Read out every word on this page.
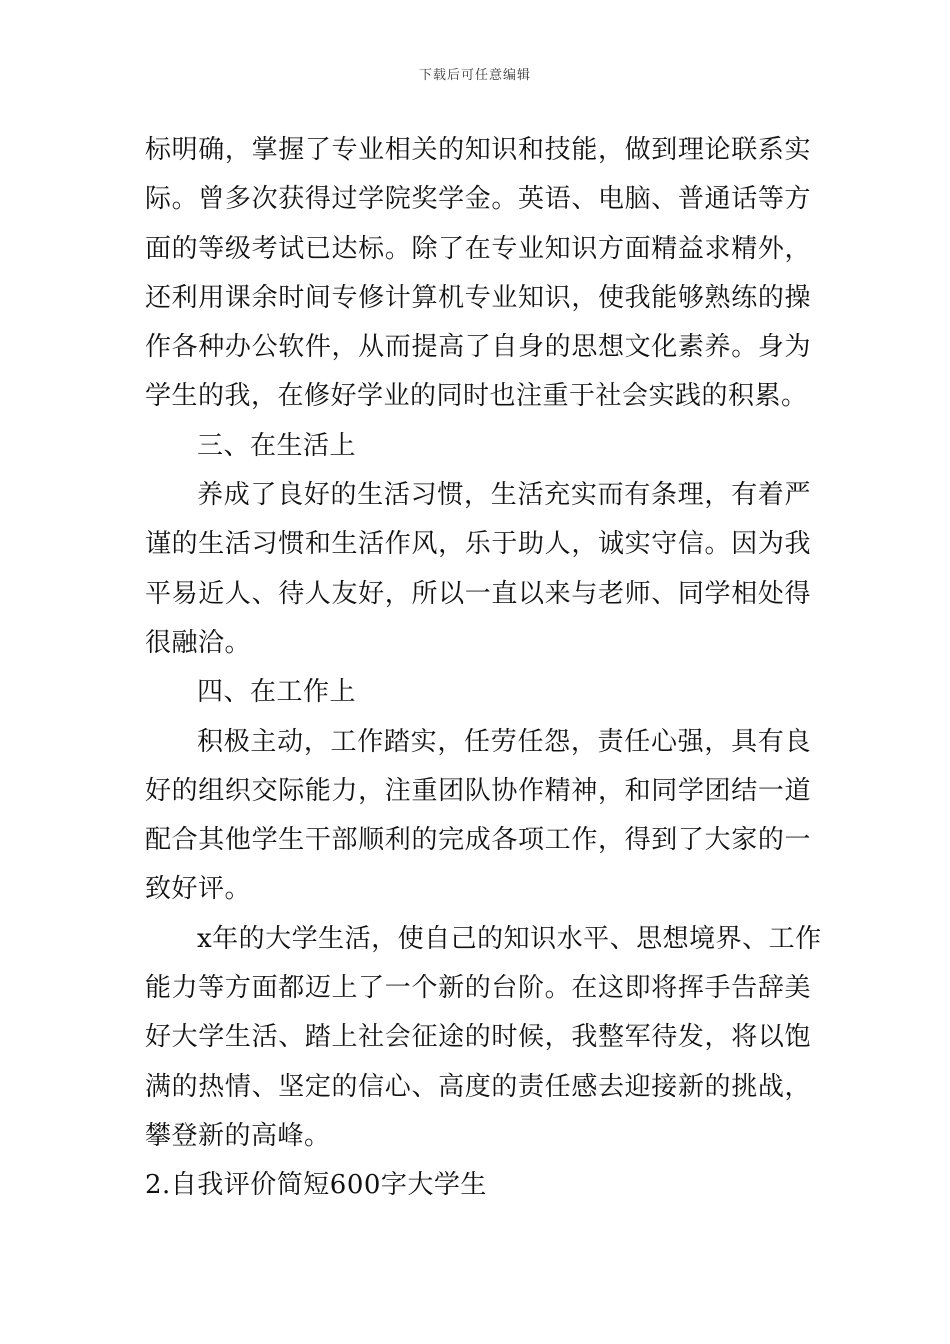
下载后可任意编辑
标明确，掌握了专业相关的知识和技能，做到理论联系实
际。曾多次获得过学院奖学金。英语、电脑、普通话等方
面的等级考试已达标。除了在专业知识方面精益求精外，
还利用课余时间专修计算机专业知识，使我能够熟练的操
作各种办公软件，从而提高了自身的思想文化素养。身为
学生的我，在修好学业的同时也注重于社会实践的积累。
三、在生活上
养成了良好的生活习惯，生活充实而有条理，有着严
谨的生活习惯和生活作风，乐于助人，诚实守信。因为我
平易近人、待人友好，所以一直以来与老师、同学相处得
很融洽。
四、在工作上
积极主动，工作踏实，任劳任怨，责任心强，具有良
好的组织交际能力，注重团队协作精神，和同学团结一道
配合其他学生干部顺利的完成各项工作，得到了大家的一
致好评。
x年的大学生活，使自己的知识水平、思想境界、工作
能力等方面都迈上了一个新的台阶。在这即将挥手告辞美
好大学生活、踏上社会征途的时候，我整军待发，将以饱
满的热情、坚定的信心、高度的责任感去迎接新的挑战，
攀登新的高峰。
2.自我评价简短600字大学生
